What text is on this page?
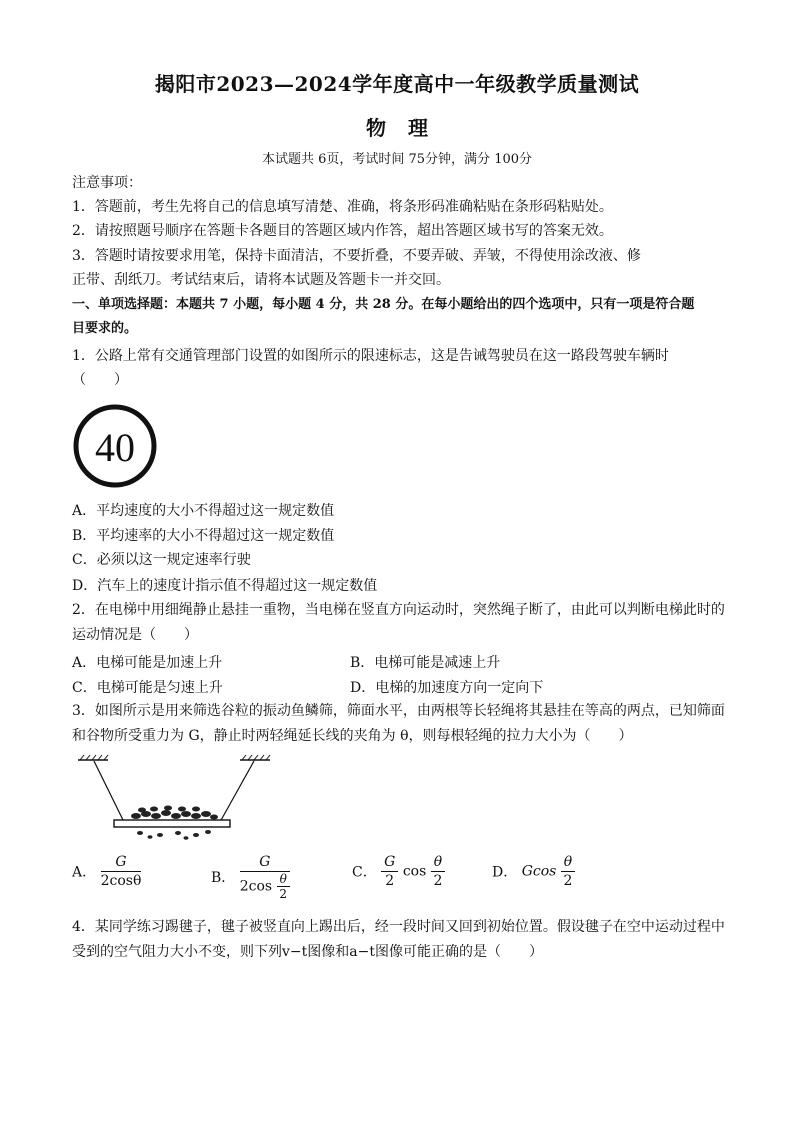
揭阳市2023—2024学年度高中一年级教学质量测试
物理
本试题共 6页，考试时间 75分钟，满分 100分
注意事项：
1．答题前，考生先将自己的信息填写清楚、准确，将条形码准确粘贴在条形码粘贴处。
2．请按照题号顺序在答题卡各题目的答题区域内作答，超出答题区域书写的答案无效。
3．答题时请按要求用笔，保持卡面清洁，不要折叠，不要弄破、弄皱，不得使用涂改液、修
正带、刮纸刀。考试结束后，请将本试题及答题卡一并交回。
一、单项选择题：本题共 7 小题，每小题 4 分，共 28 分。在每小题给出的四个选项中，只有一项是符合题
目要求的。
1．公路上常有交通管理部门设置的如图所示的限速标志，这是告诫驾驶员在这一路段驾驶车辆时
（　　）
40
A．平均速度的大小不得超过这一规定数值
B．平均速率的大小不得超过这一规定数值
C．必须以这一规定速率行驶
D．汽车上的速度计指示值不得超过这一规定数值
2．在电梯中用细绳静止悬挂一重物，当电梯在竖直方向运动时，突然绳子断了，由此可以判断电梯此时的
运动情况是（　　）
A．电梯可能是加速上升	B．电梯可能是减速上升
C．电梯可能是匀速上升	D．电梯的加速度方向一定向下
3．如图所示是用来筛选谷粒的振动鱼鳞筛，筛面水平，由两根等长轻绳将其悬挂在等高的两点，已知筛面
和谷物所受重力为 G，静止时两轻绳延长线的夹角为 θ，则每根轻绳的拉力大小为（　　）
A． $\frac{G}{2\cos\theta}$	B． $\frac{G}{2\cos \frac{\theta}{2}}$	C． $\frac{G}{2}$ $\cos \frac{\theta}{2}$	D． Gcos $\frac{\theta}{2}$
4．某同学练习踢毽子，毽子被竖直向上踢出后，经一段时间又回到初始位置。假设毽子在空中运动过程中
受到的空气阻力大小不变，则下列v−t图像和a−t图像可能正确的是（　　）
